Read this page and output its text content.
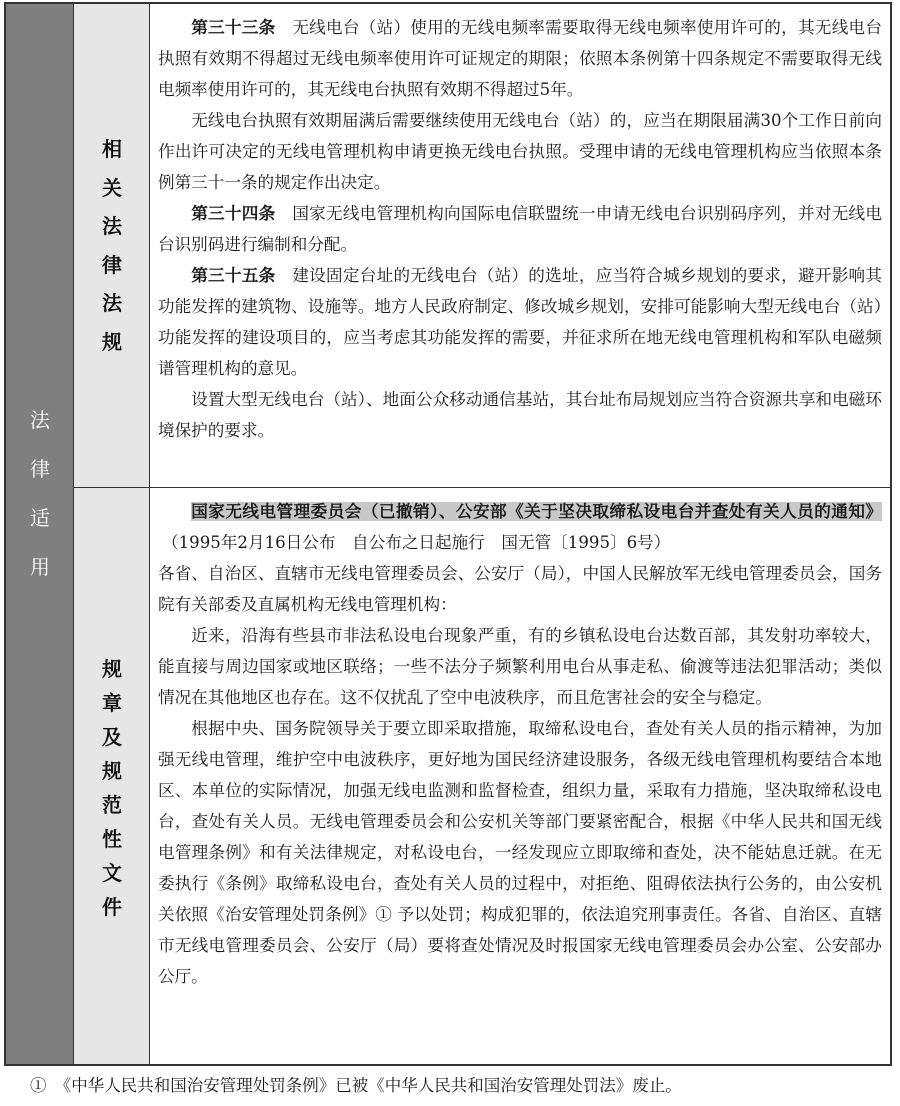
法
律
适
用
相
关
法
律
法
规
规
章
及
规
范
性
文
件

第三十三条　无线电台（站）使用的无线电频率需要取得无线电频率使用许可的，其无线电台执照有效期不得超过无线电频率使用许可证规定的期限；依照本条例第十四条规定不需要取得无线电频率使用许可的，其无线电台执照有效期不得超过5年。

无线电台执照有效期届满后需要继续使用无线电台（站）的，应当在期限届满30个工作日前向作出许可决定的无线电管理机构申请更换无线电台执照。受理申请的无线电管理机构应当依照本条例第三十一条的规定作出决定。

第三十四条　国家无线电管理机构向国际电信联盟统一申请无线电台识别码序列，并对无线电台识别码进行编制和分配。

第三十五条　建设固定台址的无线电台（站）的选址，应当符合城乡规划的要求，避开影响其功能发挥的建筑物、设施等。地方人民政府制定、修改城乡规划，安排可能影响大型无线电台（站）功能发挥的建设项目的，应当考虑其功能发挥的需要，并征求所在地无线电管理机构和军队电磁频谱管理机构的意见。

设置大型无线电台（站）、地面公众移动通信基站，其台址布局规划应当符合资源共享和电磁环境保护的要求。

国家无线电管理委员会（已撤销）、公安部《关于坚决取缔私设电台并查处有关人员的通知》（1995年2月16日公布　自公布之日起施行　国无管〔1995〕6号）

各省、自治区、直辖市无线电管理委员会、公安厅（局），中国人民解放军无线电管理委员会，国务院有关部委及直属机构无线电管理机构：

近来，沿海有些县市非法私设电台现象严重，有的乡镇私设电台达数百部，其发射功率较大，能直接与周边国家或地区联络；一些不法分子频繁利用电台从事走私、偷渡等违法犯罪活动；类似情况在其他地区也存在。这不仅扰乱了空中电波秩序，而且危害社会的安全与稳定。

根据中央、国务院领导关于要立即采取措施，取缔私设电台，查处有关人员的指示精神，为加强无线电管理，维护空中电波秩序，更好地为国民经济建设服务，各级无线电管理机构要结合本地区、本单位的实际情况，加强无线电监测和监督检查，组织力量，采取有力措施，坚决取缔私设电台，查处有关人员。无线电管理委员会和公安机关等部门要紧密配合，根据《中华人民共和国无线电管理条例》和有关法律规定，对私设电台，一经发现应立即取缔和查处，决不能姑息迁就。在无委执行《条例》取缔私设电台，查处有关人员的过程中，对拒绝、阻碍依法执行公务的，由公安机关依照《治安管理处罚条例》① 予以处罚；构成犯罪的，依法追究刑事责任。各省、自治区、直辖市无线电管理委员会、公安厅（局）要将查处情况及时报国家无线电管理委员会办公室、公安部办公厅。

①　《中华人民共和国治安管理处罚条例》已被《中华人民共和国治安管理处罚法》废止。
